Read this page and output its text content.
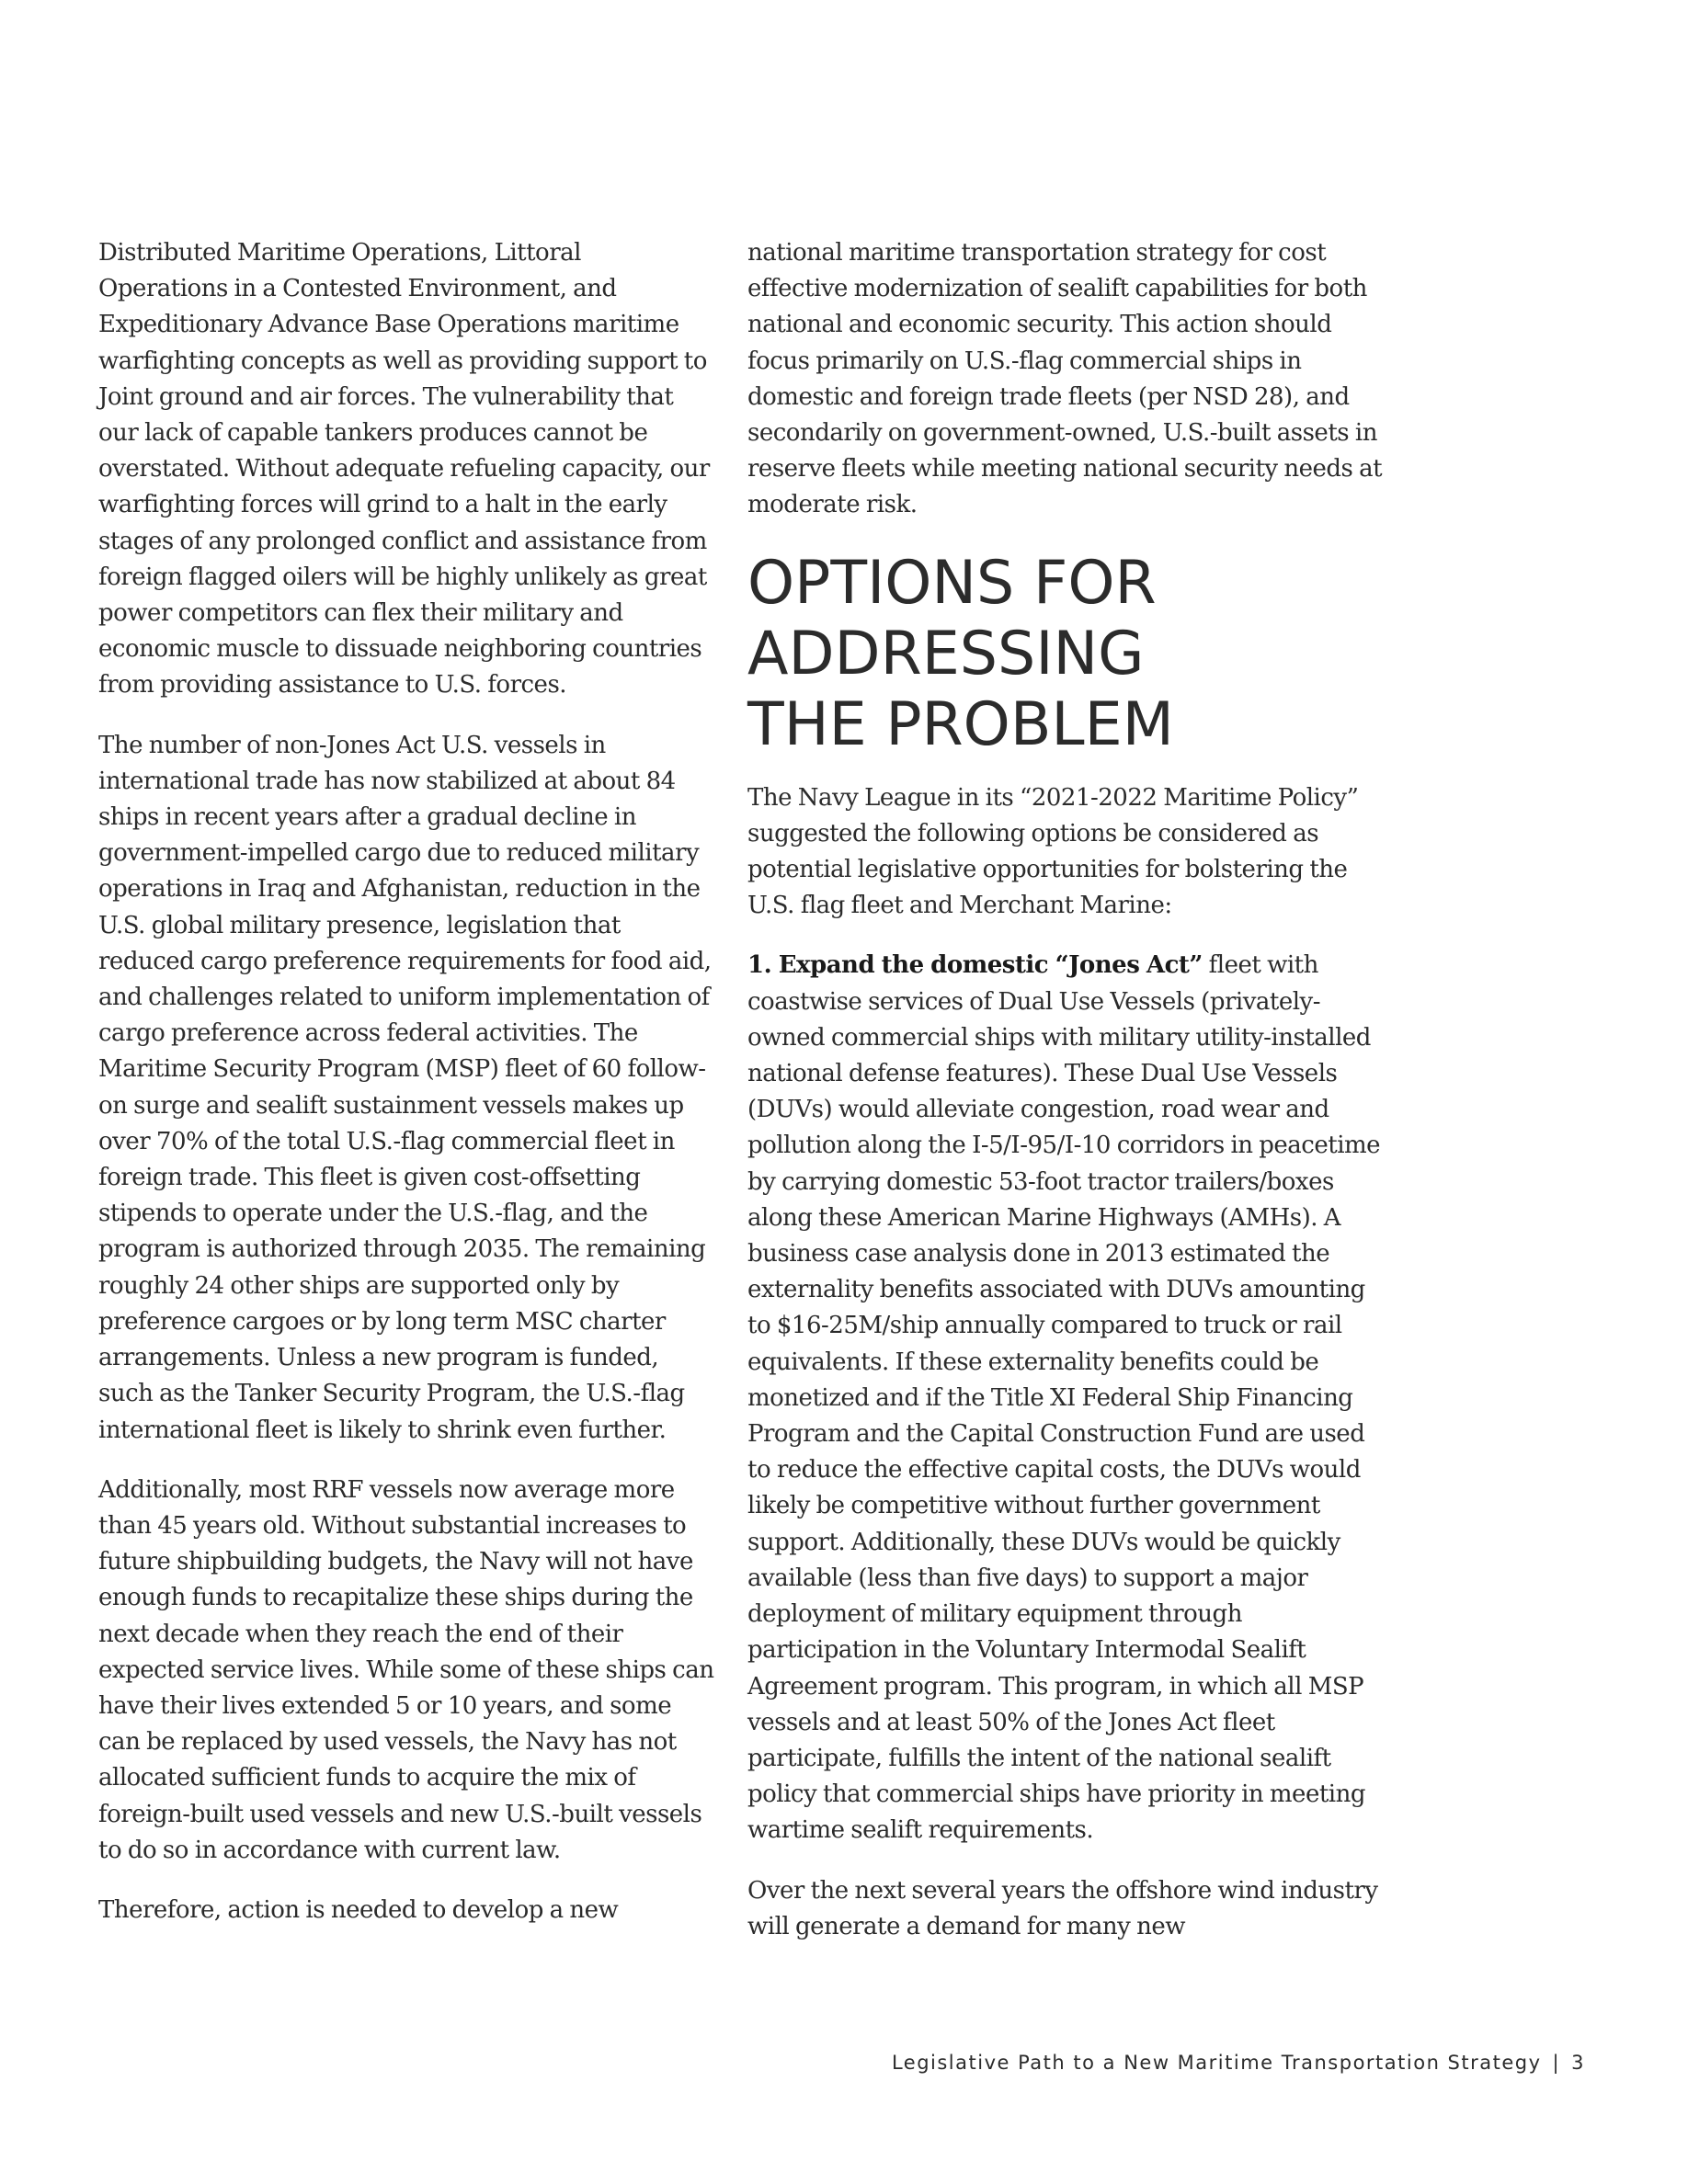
Distributed Maritime Operations, Littoral Operations in a Contested Environment, and Expeditionary Advance Base Operations maritime warfighting concepts as well as providing support to Joint ground and air forces. The vulnerability that our lack of capable tankers produces cannot be overstated. Without adequate refueling capacity, our warfighting forces will grind to a halt in the early stages of any prolonged conflict and assistance from foreign flagged oilers will be highly unlikely as great power competitors can flex their military and economic muscle to dissuade neighboring countries from providing assistance to U.S. forces.

The number of non-Jones Act U.S. vessels in international trade has now stabilized at about 84 ships in recent years after a gradual decline in government-impelled cargo due to reduced military operations in Iraq and Afghanistan, reduction in the U.S. global military presence, legislation that reduced cargo preference requirements for food aid, and challenges related to uniform implementation of cargo preference across federal activities. The Maritime Security Program (MSP) fleet of 60 follow-on surge and sealift sustainment vessels makes up over 70% of the total U.S.-flag commercial fleet in foreign trade. This fleet is given cost-offsetting stipends to operate under the U.S.-flag, and the program is authorized through 2035. The remaining roughly 24 other ships are supported only by preference cargoes or by long term MSC charter arrangements. Unless a new program is funded, such as the Tanker Security Program, the U.S.-flag international fleet is likely to shrink even further.

Additionally, most RRF vessels now average more than 45 years old. Without substantial increases to future shipbuilding budgets, the Navy will not have enough funds to recapitalize these ships during the next decade when they reach the end of their expected service lives. While some of these ships can have their lives extended 5 or 10 years, and some can be replaced by used vessels, the Navy has not allocated sufficient funds to acquire the mix of foreign-built used vessels and new U.S.-built vessels to do so in accordance with current law.

Therefore, action is needed to develop a new

national maritime transportation strategy for cost effective modernization of sealift capabilities for both national and economic security. This action should focus primarily on U.S.-flag commercial ships in domestic and foreign trade fleets (per NSD 28), and secondarily on government-owned, U.S.-built assets in reserve fleets while meeting national security needs at moderate risk.

OPTIONS FOR
ADDRESSING
THE PROBLEM

The Navy League in its “2021-2022 Maritime Policy” suggested the following options be considered as potential legislative opportunities for bolstering the U.S. flag fleet and Merchant Marine:

1. Expand the domestic “Jones Act” fleet with coastwise services of Dual Use Vessels (privately-owned commercial ships with military utility-installed national defense features). These Dual Use Vessels (DUVs) would alleviate congestion, road wear and pollution along the I-5/I-95/I-10 corridors in peacetime by carrying domestic 53-foot tractor trailers/boxes along these American Marine Highways (AMHs). A business case analysis done in 2013 estimated the externality benefits associated with DUVs amounting to $16-25M/ship annually compared to truck or rail equivalents. If these externality benefits could be monetized and if the Title XI Federal Ship Financing Program and the Capital Construction Fund are used to reduce the effective capital costs, the DUVs would likely be competitive without further government support. Additionally, these DUVs would be quickly available (less than five days) to support a major deployment of military equipment through participation in the Voluntary Intermodal Sealift Agreement program. This program, in which all MSP vessels and at least 50% of the Jones Act fleet participate, fulfills the intent of the national sealift policy that commercial ships have priority in meeting wartime sealift requirements.

Over the next several years the offshore wind industry will generate a demand for many new

Legislative Path to a New Maritime Transportation Strategy | 3
